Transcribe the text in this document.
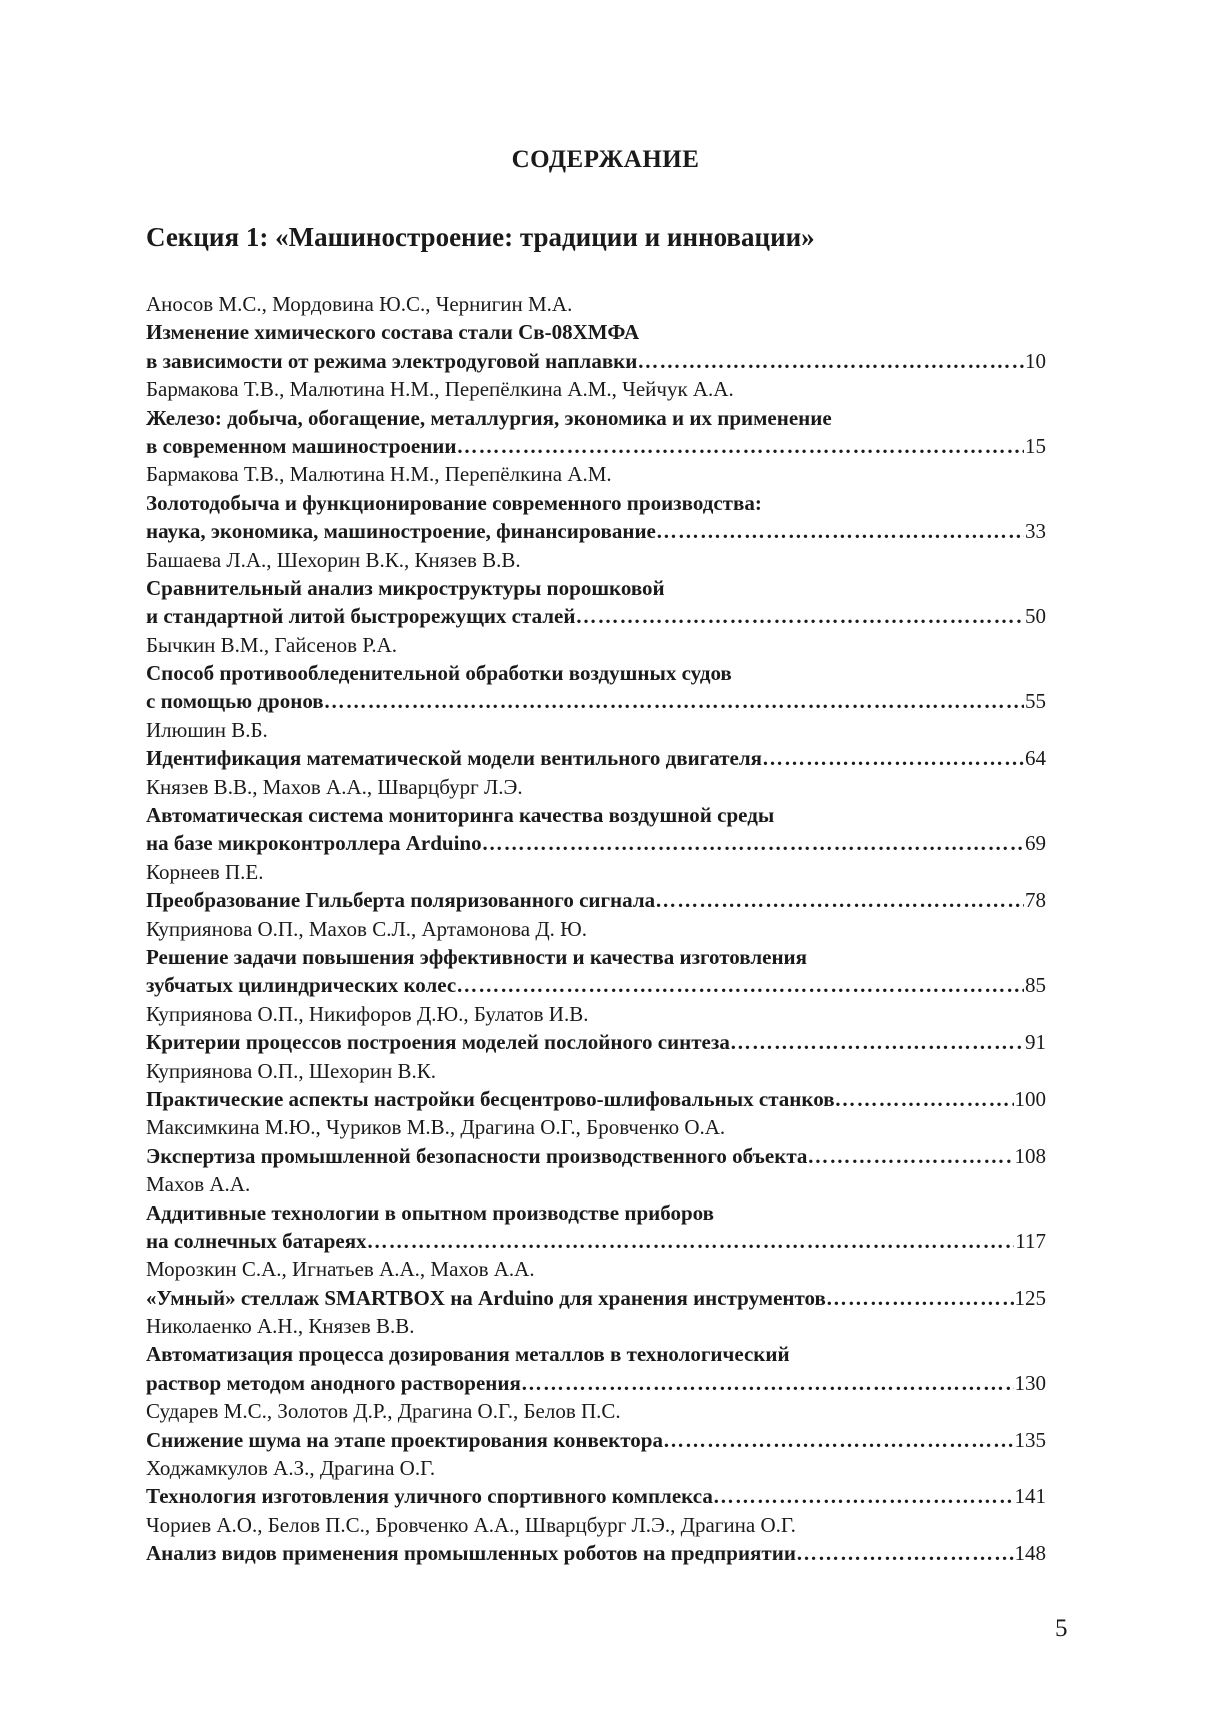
СОДЕРЖАНИЕ
Секция 1: «Машиностроение: традиции и инновации»
Аносов М.С., Мордовина Ю.С., Чернигин М.А.
Изменение химического состава стали Св-08ХМФА
в зависимости от режима электродуговой наплавки ……………………………………………………………………………………………………………………………………………	10
Бармакова Т.В., Малютина Н.М., Перепёлкина А.М., Чейчук А.А.
Железо: добыча, обогащение, металлургия, экономика и их применение
в современном машиностроении ……………………………………………………………………………………………………………………………………………	15
Бармакова Т.В., Малютина Н.М., Перепёлкина А.М.
Золотодобыча и функционирование современного производства:
наука, экономика, машиностроение, финансирование ……………………………………………………………………………………………………………………………………………	33
Башаева Л.А., Шехорин В.К., Князев В.В.
Сравнительный анализ микроструктуры порошковой
и стандартной литой быстрорежущих сталей ……………………………………………………………………………………………………………………………………………	50
Бычкин В.М., Гайсенов Р.А.
Способ противообледенительной обработки воздушных судов
с помощью дронов ……………………………………………………………………………………………………………………………………………	55
Илюшин В.Б.
Идентификация математической модели вентильного двигателя ……………………………………………………………………………………………………………………………………………	64
Князев В.В., Махов А.А., Шварцбург Л.Э.
Автоматическая система мониторинга качества воздушной среды
на базе микроконтроллера Arduino ……………………………………………………………………………………………………………………………………………	69
Корнеев П.Е.
Преобразование Гильберта поляризованного сигнала ……………………………………………………………………………………………………………………………………………	78
Куприянова О.П., Махов С.Л., Артамонова Д. Ю.
Решение задачи повышения эффективности и качества изготовления
зубчатых цилиндрических колес ……………………………………………………………………………………………………………………………………………	85
Куприянова О.П., Никифоров Д.Ю., Булатов И.В.
Критерии процессов построения моделей послойного синтеза ……………………………………………………………………………………………………………………………………………	91
Куприянова О.П., Шехорин В.К.
Практические аспекты настройки бесцентрово-шлифовальных станков ……………………………………………………………………………………………………………………………………………	100
Максимкина М.Ю., Чуриков М.В., Драгина О.Г., Бровченко О.А.
Экспертиза промышленной безопасности производственного объекта ……………………………………………………………………………………………………………………………………………	108
Махов А.А.
Аддитивные технологии в опытном производстве приборов
на солнечных батареях ……………………………………………………………………………………………………………………………………………	117
Морозкин С.А., Игнатьев А.А., Махов А.А.
«Умный» стеллаж SMARTBOX на Arduino для хранения инструментов ……………………………………………………………………………………………………………………………………………	125
Николаенко А.Н., Князев В.В.
Автоматизация процесса дозирования металлов в технологический
раствор методом анодного растворения ……………………………………………………………………………………………………………………………………………	130
Сударев М.С., Золотов Д.Р., Драгина О.Г., Белов П.С.
Снижение шума на этапе проектирования конвектора ……………………………………………………………………………………………………………………………………………	135
Ходжамкулов А.З., Драгина О.Г.
Технология изготовления уличного спортивного комплекса ……………………………………………………………………………………………………………………………………………	141
Чориев А.О., Белов П.С., Бровченко А.А., Шварцбург Л.Э., Драгина О.Г.
Анализ видов применения промышленных роботов на предприятии ……………………………………………………………………………………………………………………………………………	148
5
